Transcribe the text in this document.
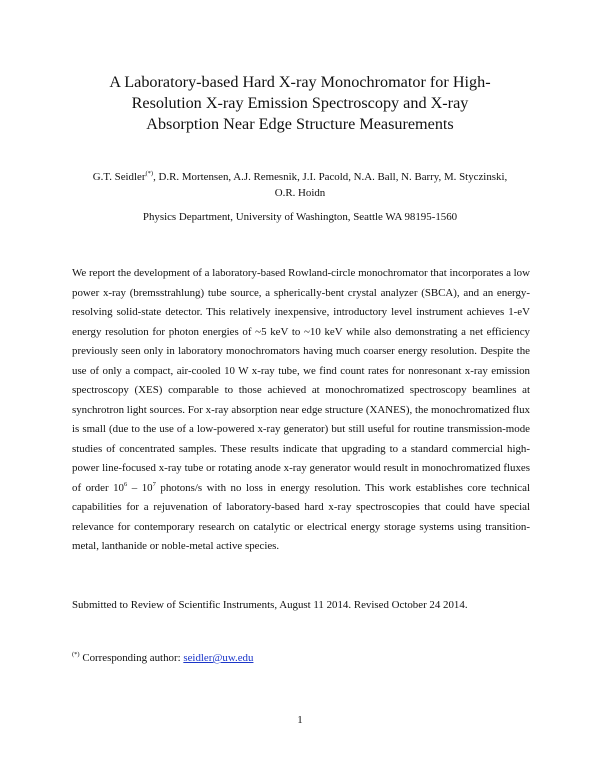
A Laboratory-based Hard X-ray Monochromator for High-
Resolution X-ray Emission Spectroscopy and X-ray
Absorption Near Edge Structure Measurements
G.T. Seidler(*), D.R. Mortensen, A.J. Remesnik, J.I. Pacold, N.A. Ball, N. Barry, M. Styczinski,
O.R. Hoidn
Physics Department, University of Washington, Seattle WA 98195-1560
We report the development of a laboratory-based Rowland-circle monochromator that incorporates a low power x-ray (bremsstrahlung) tube source, a spherically-bent crystal analyzer (SBCA), and an energy-resolving solid-state detector. This relatively inexpensive, introductory level instrument achieves 1-eV energy resolution for photon energies of ~5 keV to ~10 keV while also demonstrating a net efficiency previously seen only in laboratory monochromators having much coarser energy resolution. Despite the use of only a compact, air-cooled 10 W x-ray tube, we find count rates for nonresonant x-ray emission spectroscopy (XES) comparable to those achieved at monochromatized spectroscopy beamlines at synchrotron light sources. For x-ray absorption near edge structure (XANES), the monochromatized flux is small (due to the use of a low-powered x-ray generator) but still useful for routine transmission-mode studies of concentrated samples. These results indicate that upgrading to a standard commercial high-power line-focused x-ray tube or rotating anode x-ray generator would result in monochromatized fluxes of order $10^6 - 10^7$ photons/s with no loss in energy resolution. This work establishes core technical capabilities for a rejuvenation of laboratory-based hard x-ray spectroscopies that could have special relevance for contemporary research on catalytic or electrical energy storage systems using transition-metal, lanthanide or noble-metal active species.
Submitted to Review of Scientific Instruments, August 11 2014. Revised October 24 2014.
(*) Corresponding author: seidler@uw.edu
1
